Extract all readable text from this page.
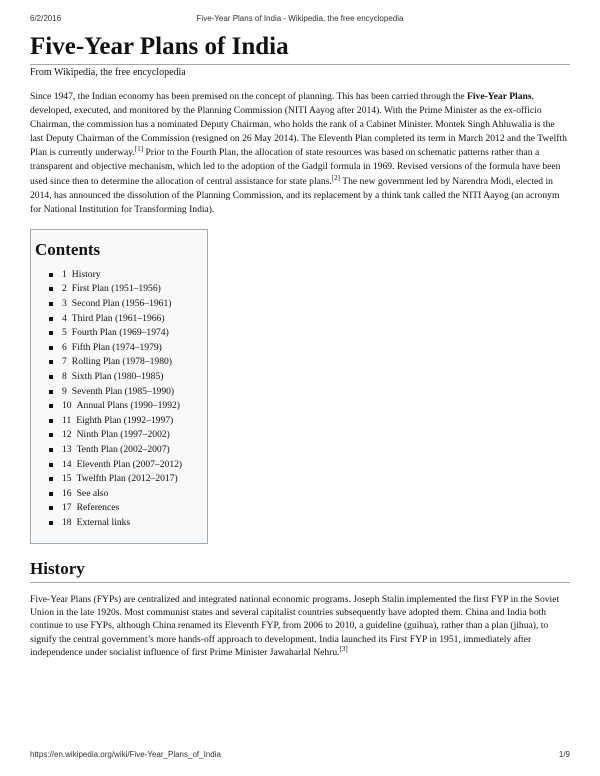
6/2/2016	Five-Year Plans of India - Wikipedia, the free encyclopedia
Five-Year Plans of India
From Wikipedia, the free encyclopedia

Since 1947, the Indian economy has been premised on the concept of planning. This has been carried through the Five-Year Plans, developed, executed, and monitored by the Planning Commission (NITI Aayog after 2014). With the Prime Minister as the ex-officio Chairman, the commission has a nominated Deputy Chairman, who holds the rank of a Cabinet Minister. Montek Singh Ahluwalia is the last Deputy Chairman of the Commission (resigned on 26 May 2014). The Eleventh Plan completed its term in March 2012 and the Twelfth Plan is currently underway.[1] Prior to the Fourth Plan, the allocation of state resources was based on schematic patterns rather than a transparent and objective mechanism, which led to the adoption of the Gadgil formula in 1969. Revised versions of the formula have been used since then to determine the allocation of central assistance for state plans.[2] The new government led by Narendra Modi, elected in 2014, has announced the dissolution of the Planning Commission, and its replacement by a think tank called the NITI Aayog (an acronym for National Institution for Transforming India).

Contents
1 History
2 First Plan (1951–1956)
3 Second Plan (1956–1961)
4 Third Plan (1961–1966)
5 Fourth Plan (1969–1974)
6 Fifth Plan (1974–1979)
7 Rolling Plan (1978–1980)
8 Sixth Plan (1980–1985)
9 Seventh Plan (1985–1990)
10 Annual Plans (1990–1992)
11 Eighth Plan (1992–1997)
12 Ninth Plan (1997–2002)
13 Tenth Plan (2002–2007)
14 Eleventh Plan (2007–2012)
15 Twelfth Plan (2012–2017)
16 See also
17 References
18 External links
History

Five-Year Plans (FYPs) are centralized and integrated national economic programs. Joseph Stalin implemented the first FYP in the Soviet Union in the late 1920s. Most communist states and several capitalist countries subsequently have adopted them. China and India both continue to use FYPs, although China renamed its Eleventh FYP, from 2006 to 2010, a guideline (guihua), rather than a plan (jihua), to signify the central government’s more hands-off approach to development. India launched its First FYP in 1951, immediately after independence under socialist influence of first Prime Minister Jawaharlal Nehru.[3]

https://en.wikipedia.org/wiki/Five-Year_Plans_of_India	1/9
